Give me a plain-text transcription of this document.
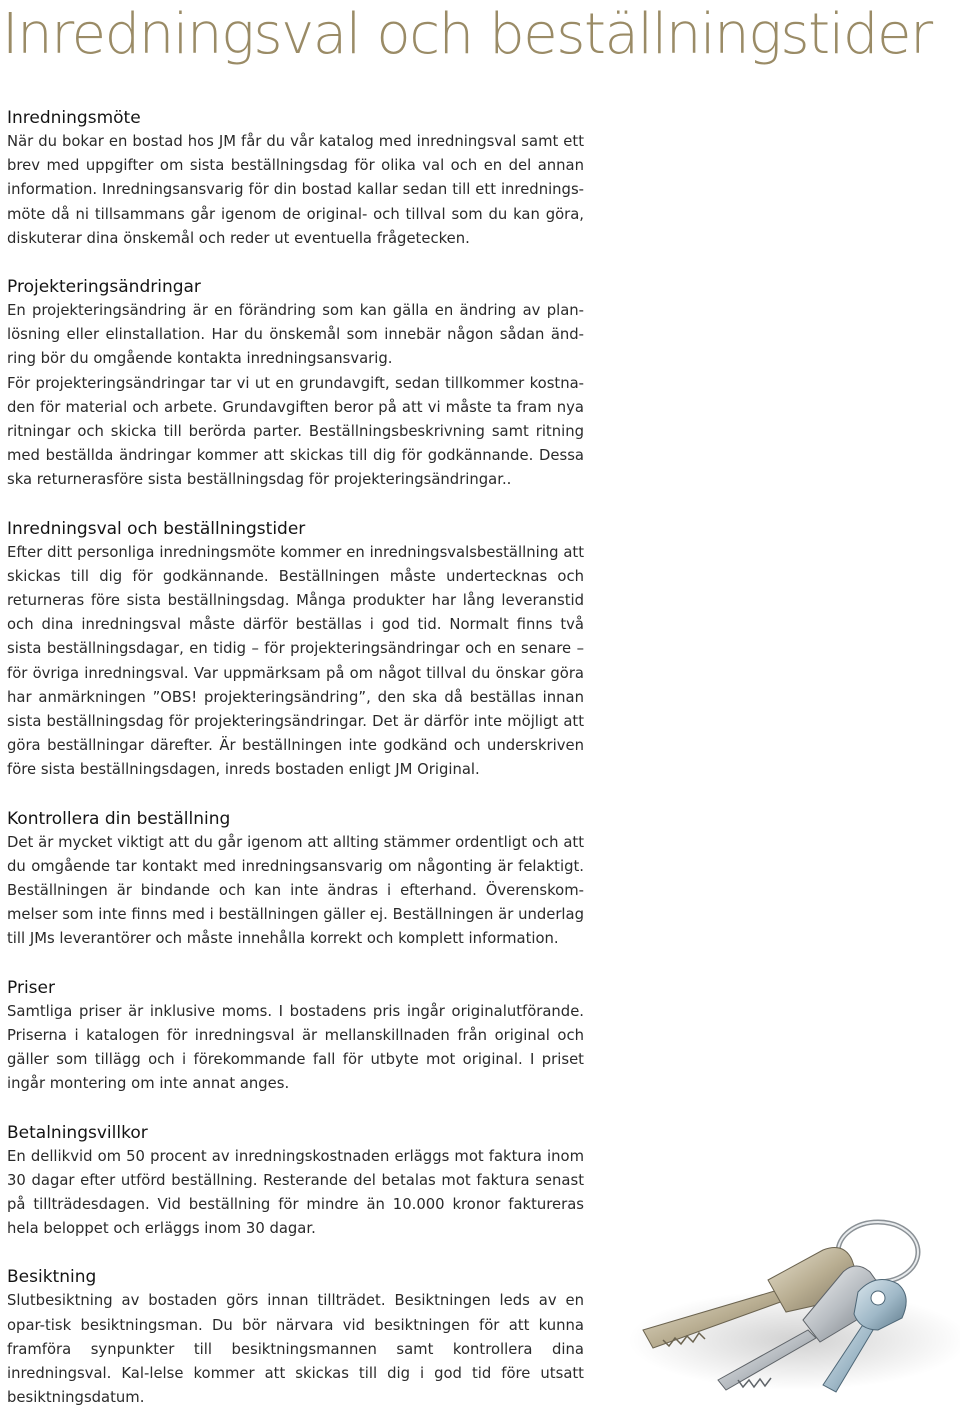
Inredningsval och beställningstider
Inredningsmöte

När du bokar en bostad hos JM får du vår katalog med inredningsval samt ett brev med uppgifter om sista beställningsdag för olika val och en del annan information. Inredningsansvarig för din bostad kallar sedan till ett inrednings-möte då ni tillsammans går igenom de original- och tillval som du kan göra, diskuterar dina önskemål och reder ut eventuella frågetecken.

Projekteringsändringar

En projekteringsändring är en förändring som kan gälla en ändring av plan-lösning eller elinstallation. Har du önskemål som innebär någon sådan änd-ring bör du omgående kontakta inredningsansvarig.

För projekteringsändringar tar vi ut en grundavgift, sedan tillkommer kostna-den för material och arbete. Grundavgiften beror på att vi måste ta fram nya ritningar och skicka till berörda parter. Beställningsbeskrivning samt ritning med beställda ändringar kommer att skickas till dig för godkännande. Dessa ska returnerasföre sista beställningsdag för projekteringsändringar..

Inredningsval och beställningstider

Efter ditt personliga inredningsmöte kommer en inredningsvalsbeställning att skickas till dig för godkännande. Beställningen måste undertecknas och returneras före sista beställningsdag. Många produkter har lång leveranstid och dina inredningsval måste därför beställas i god tid. Normalt finns två sista beställningsdagar, en tidig – för projekteringsändringar och en senare – för övriga inredningsval. Var uppmärksam på om något tillval du önskar göra har anmärkningen ”OBS! projekteringsändring”, den ska då beställas innan sista beställningsdag för projekteringsändringar. Det är därför inte möjligt att göra beställningar därefter. Är beställningen inte godkänd och underskriven före sista beställningsdagen, inreds bostaden enligt JM Original.

Kontrollera din beställning

Det är mycket viktigt att du går igenom att allting stämmer ordentligt och att du omgående tar kontakt med inredningsansvarig om någonting är felaktigt. Beställningen är bindande och kan inte ändras i efterhand. Överenskom-melser som inte finns med i beställningen gäller ej. Beställningen är underlag till JMs leverantörer och måste innehålla korrekt och komplett information.

Priser

Samtliga priser är inklusive moms. I bostadens pris ingår originalutförande. Priserna i katalogen för inredningsval är mellanskillnaden från original och gäller som tillägg och i förekommande fall för utbyte mot original. I priset ingår montering om inte annat anges.

Betalningsvillkor

En dellikvid om 50 procent av inredningskostnaden erläggs mot faktura inom 30 dagar efter utförd beställning. Resterande del betalas mot faktura senast på tillträdesdagen. Vid beställning för mindre än 10.000 kronor faktureras hela beloppet och erläggs inom 30 dagar.

Besiktning

Slutbesiktning av bostaden görs innan tillträdet. Besiktningen leds av en opar-tisk besiktningsman. Du bör närvara vid besiktningen för att kunna framföra synpunkter till besiktningsmannen samt kontrollera dina inredningsval. Kal-lelse kommer att skickas till dig i god tid före utsatt besiktningsdatum.
